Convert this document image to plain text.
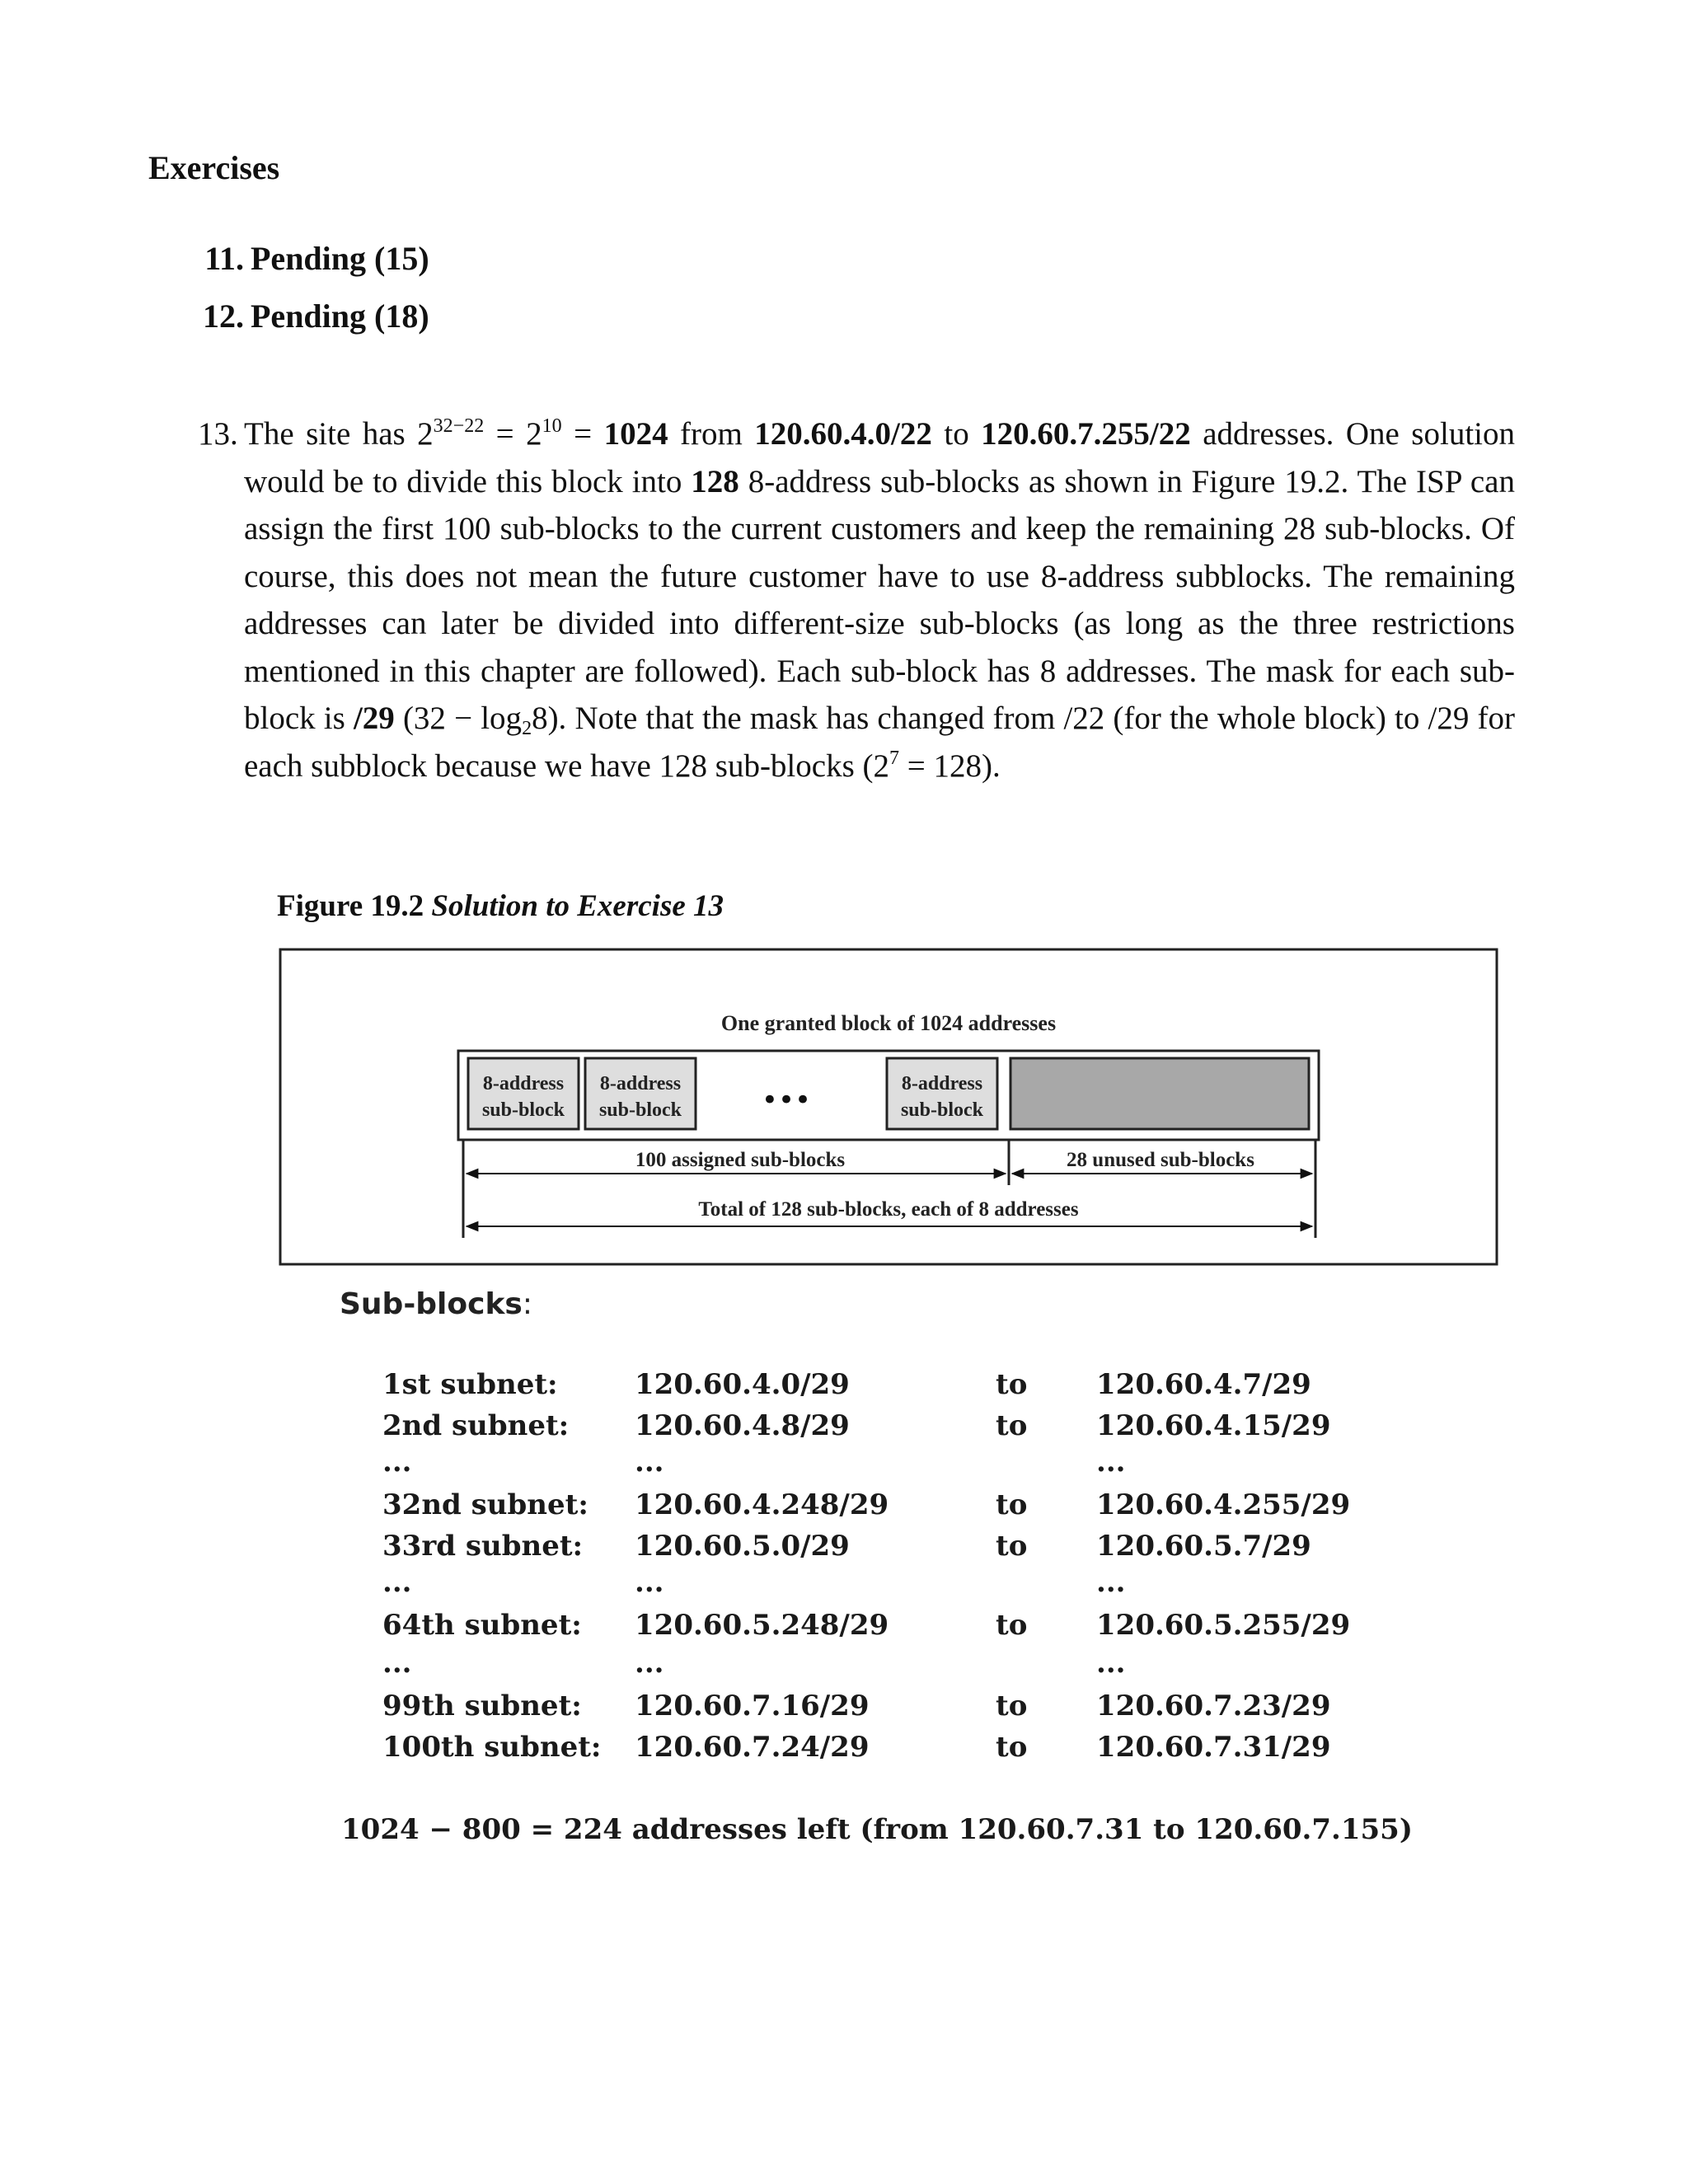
Exercises
11. Pending (15)
12. Pending (18)
13. The site has $2^{32-22} = 2^{10} = 1024$ from 120.60.4.0/22 to 120.60.7.255/22 addresses. One solution would be to divide this block into 128 8-address sub-blocks as shown in Figure 19.2. The ISP can assign the first 100 sub-blocks to the current customers and keep the remaining 28 sub-blocks. Of course, this does not mean the future customer have to use 8-address subblocks. The remaining addresses can later be divided into different-size sub-blocks (as long as the three restrictions mentioned in this chapter are followed). Each sub-block has 8 addresses. The mask for each sub-block is /29 $(32 - \log_28)$. Note that the mask has changed from /22 (for the whole block) to /29 for each subblock because we have 128 sub-blocks $(2^7 = 128)$.
Figure 19.2 Solution to Exercise 13
One granted block of 1024 addresses
8-address
sub-block
8-address
sub-block	•••	8-address
sub-block
100 assigned sub-blocks	28 unused sub-blocks
Total of 128 sub-blocks, each of 8 addresses
Sub-blocks:
1st subnet:	120.60.4.0/29	to 120.60.4.7/29
2nd subnet: 120.60.4.8/29	to 120.60.4.15/29
...	...	...
32nd subnet: 120.60.4.248/29	to 120.60.4.255/29
33rd subnet: 120.60.5.0/29	to 120.60.5.7/29
...	...	...
64th subnet: 120.60.5.248/29	to 120.60.5.255/29
...	...	...
99th subnet: 120.60.7.16/29	to 120.60.7.23/29
100th subnet: 120.60.7.24/29	to 120.60.7.31/29
1024 − 800 = 224 addresses left (from 120.60.7.31 to 120.60.7.155)
